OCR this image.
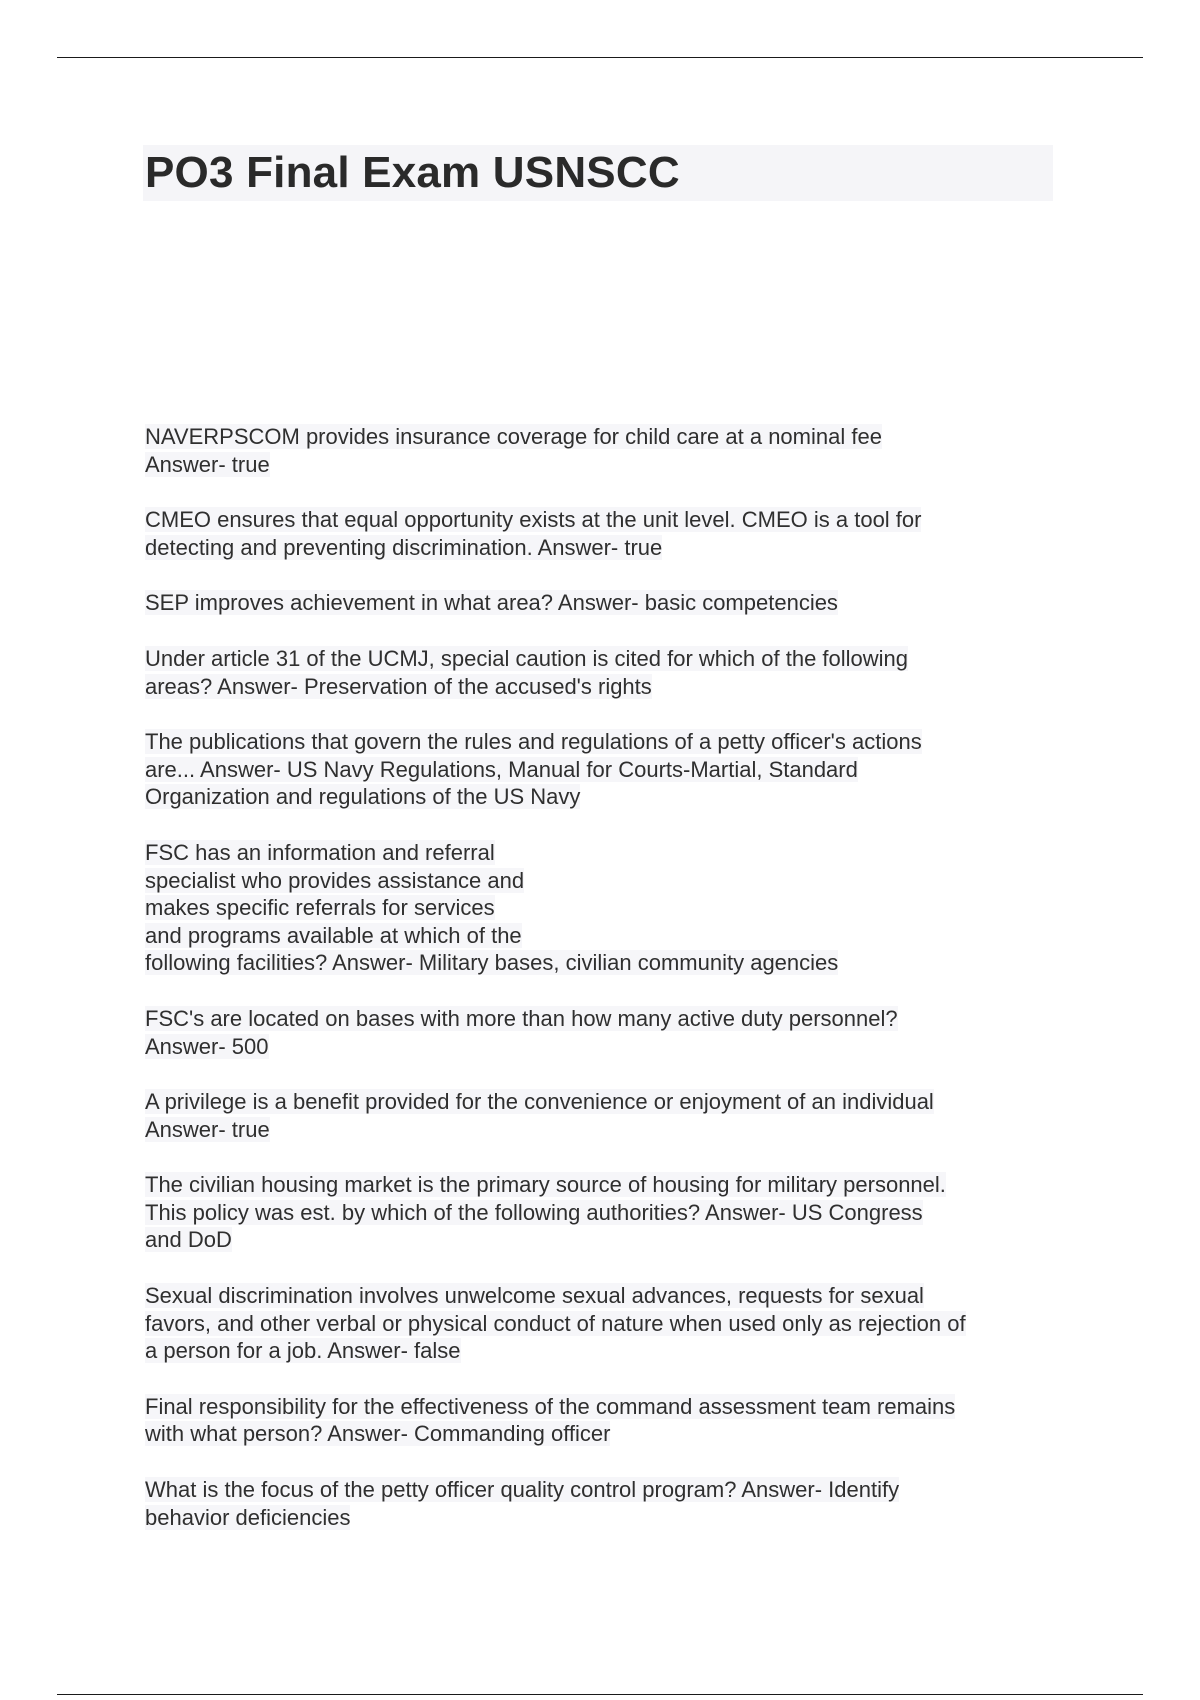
PO3 Final Exam USNSCC
NAVERPSCOM provides insurance coverage for child care at a nominal fee
Answer- true
CMEO ensures that equal opportunity exists at the unit level. CMEO is a tool for
detecting and preventing discrimination. Answer- true
SEP improves achievement in what area? Answer- basic competencies
Under article 31 of the UCMJ, special caution is cited for which of the following
areas? Answer- Preservation of the accused's rights
The publications that govern the rules and regulations of a petty officer's actions
are... Answer- US Navy Regulations, Manual for Courts-Martial, Standard
Organization and regulations of the US Navy
FSC has an information and referral
specialist who provides assistance and
makes specific referrals for services
and programs available at which of the
following facilities? Answer- Military bases, civilian community agencies
FSC's are located on bases with more than how many active duty personnel?
Answer- 500
A privilege is a benefit provided for the convenience or enjoyment of an individual
Answer- true
The civilian housing market is the primary source of housing for military personnel.
This policy was est. by which of the following authorities? Answer- US Congress
and DoD
Sexual discrimination involves unwelcome sexual advances, requests for sexual
favors, and other verbal or physical conduct of nature when used only as rejection of
a person for a job. Answer- false
Final responsibility for the effectiveness of the command assessment team remains
with what person? Answer- Commanding officer
What is the focus of the petty officer quality control program? Answer- Identify
behavior deficiencies
